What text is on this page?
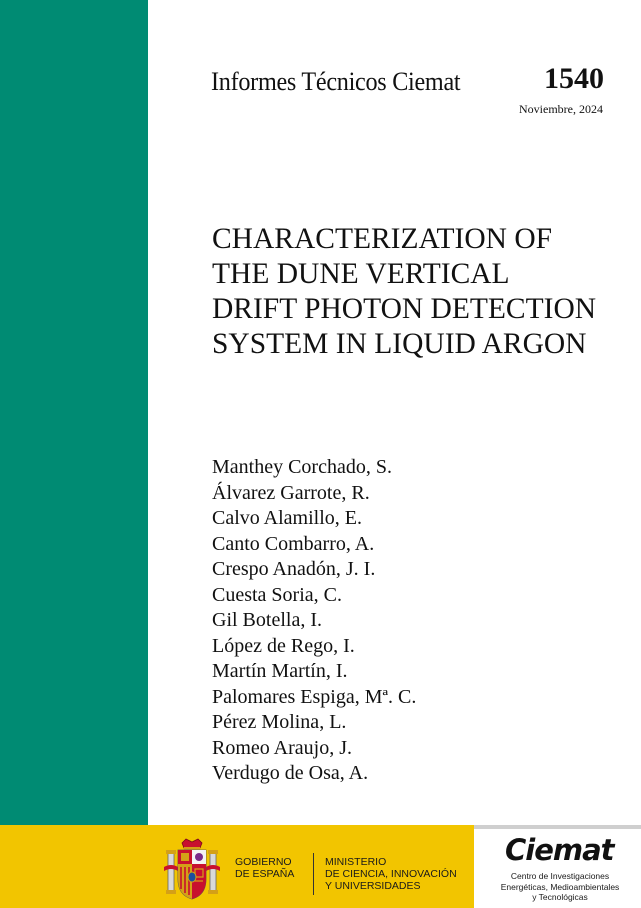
Informes Técnicos Ciemat	1540
Noviembre, 2024
CHARACTERIZATION OF
THE DUNE VERTICAL
DRIFT PHOTON DETECTION
SYSTEM IN LIQUID ARGON
Manthey Corchado, S.
Álvarez Garrote, R.
Calvo Alamillo, E.
Canto Combarro, A.
Crespo Anadón, J. I.
Cuesta Soria, C.
Gil Botella, I.
López de Rego, I.
Martín Martín, I.
Palomares Espiga, Mª. C.
Pérez Molina, L.
Romeo Araujo, J.
Verdugo de Osa, A.
GOBIERNO
DE ESPAÑA
MINISTERIO
DE CIENCIA, INNOVACIÓN
Y UNIVERSIDADES
Ciemat
Centro de Investigaciones
Energéticas, Medioambientales
y Tecnológicas
